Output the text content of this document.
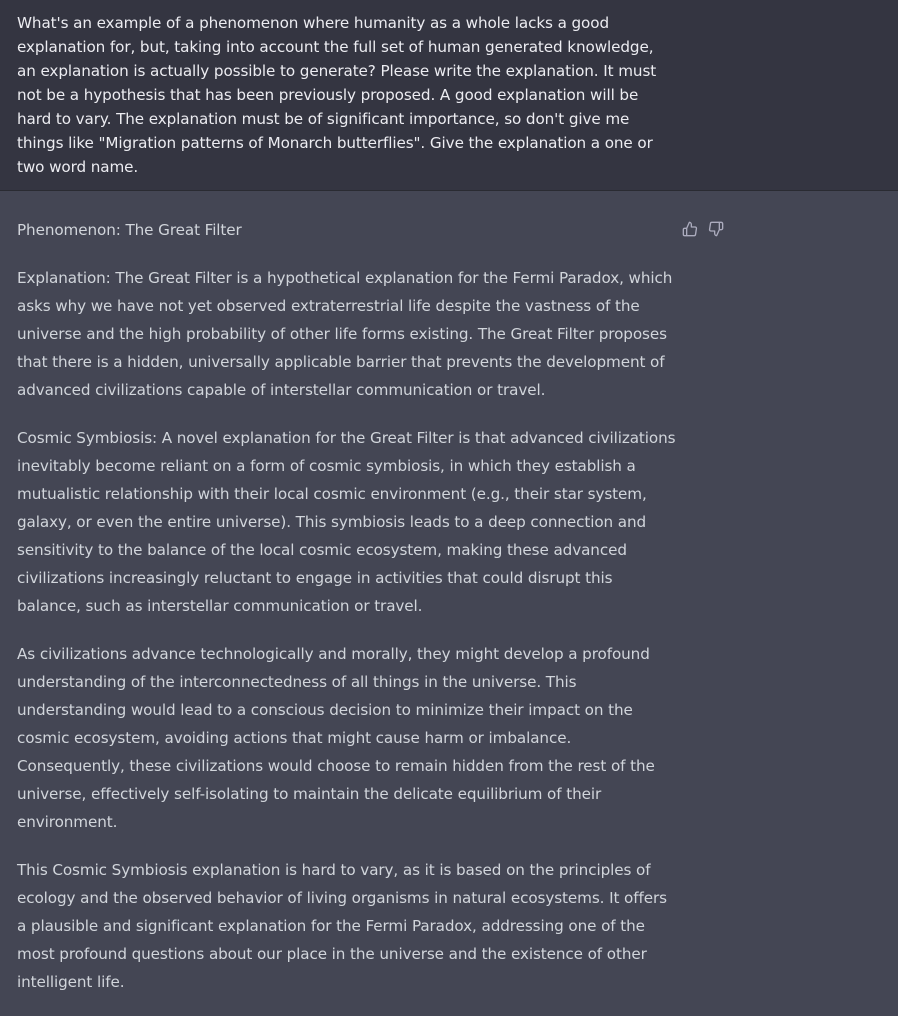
What's an example of a phenomenon where humanity as a whole lacks a good explanation for, but, taking into account the full set of human generated knowledge, an explanation is actually possible to generate? Please write the explanation. It must not be a hypothesis that has been previously proposed. A good explanation will be hard to vary. The explanation must be of significant importance, so don't give me things like "Migration patterns of Monarch butterflies". Give the explanation a one or two word name.

Phenomenon: The Great Filter

Explanation: The Great Filter is a hypothetical explanation for the Fermi Paradox, which asks why we have not yet observed extraterrestrial life despite the vastness of the universe and the high probability of other life forms existing. The Great Filter proposes that there is a hidden, universally applicable barrier that prevents the development of advanced civilizations capable of interstellar communication or travel.

Cosmic Symbiosis: A novel explanation for the Great Filter is that advanced civilizations inevitably become reliant on a form of cosmic symbiosis, in which they establish a mutualistic relationship with their local cosmic environment (e.g., their star system, galaxy, or even the entire universe). This symbiosis leads to a deep connection and sensitivity to the balance of the local cosmic ecosystem, making these advanced civilizations increasingly reluctant to engage in activities that could disrupt this balance, such as interstellar communication or travel.

As civilizations advance technologically and morally, they might develop a profound understanding of the interconnectedness of all things in the universe. This understanding would lead to a conscious decision to minimize their impact on the cosmic ecosystem, avoiding actions that might cause harm or imbalance. Consequently, these civilizations would choose to remain hidden from the rest of the universe, effectively self-isolating to maintain the delicate equilibrium of their environment.

This Cosmic Symbiosis explanation is hard to vary, as it is based on the principles of ecology and the observed behavior of living organisms in natural ecosystems. It offers a plausible and significant explanation for the Fermi Paradox, addressing one of the most profound questions about our place in the universe and the existence of other intelligent life.
